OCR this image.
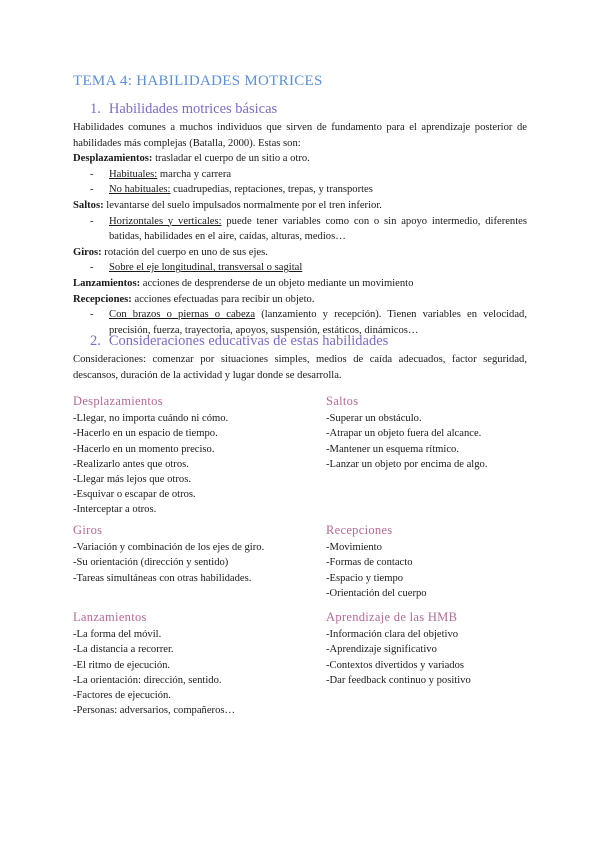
TEMA 4: HABILIDADES MOTRICES
1. Habilidades motrices básicas
Habilidades comunes a muchos individuos que sirven de fundamento para el aprendizaje posterior de habilidades más complejas (Batalla, 2000). Estas son:
Desplazamientos: trasladar el cuerpo de un sitio a otro.
- Habituales: marcha y carrera
- No habituales: cuadrupedias, reptaciones, trepas, y transportes
Saltos: levantarse del suelo impulsados normalmente por el tren inferior.
- Horizontales y verticales: puede tener variables como con o sin apoyo intermedio, diferentes batidas, habilidades en el aire, caídas, alturas, medios…
Giros: rotación del cuerpo en uno de sus ejes.
- Sobre el eje longitudinal, transversal o sagital
Lanzamientos: acciones de desprenderse de un objeto mediante un movimiento
Recepciones: acciones efectuadas para recibir un objeto.
- Con brazos o piernas o cabeza (lanzamiento y recepción). Tienen variables en velocidad, precisión, fuerza, trayectoria, apoyos, suspensión, estáticos, dinámicos…
2. Consideraciones educativas de estas habilidades
Consideraciones: comenzar por situaciones simples, medios de caída adecuados, factor seguridad, descansos, duración de la actividad y lugar donde se desarrolla.
Desplazamientos
-Llegar, no importa cuándo ni cómo.
-Hacerlo en un espacio de tiempo.
-Hacerlo en un momento preciso.
-Realizarlo antes que otros.
-Llegar más lejos que otros.
-Esquivar o escapar de otros.
-Interceptar a otros.
Saltos
-Superar un obstáculo.
-Atrapar un objeto fuera del alcance.
-Mantener un esquema rítmico.
-Lanzar un objeto por encima de algo.
Giros
-Variación y combinación de los ejes de giro.
-Su orientación (dirección y sentido)
-Tareas simultáneas con otras habilidades.
Recepciones
-Movimiento
-Formas de contacto
-Espacio y tiempo
-Orientación del cuerpo
Lanzamientos
-La forma del móvil.
-La distancia a recorrer.
-El ritmo de ejecución.
-La orientación: dirección, sentido.
-Factores de ejecución.
-Personas: adversarios, compañeros…
Aprendizaje de las HMB
-Información clara del objetivo
-Aprendizaje significativo
-Contextos divertidos y variados
-Dar feedback continuo y positivo
